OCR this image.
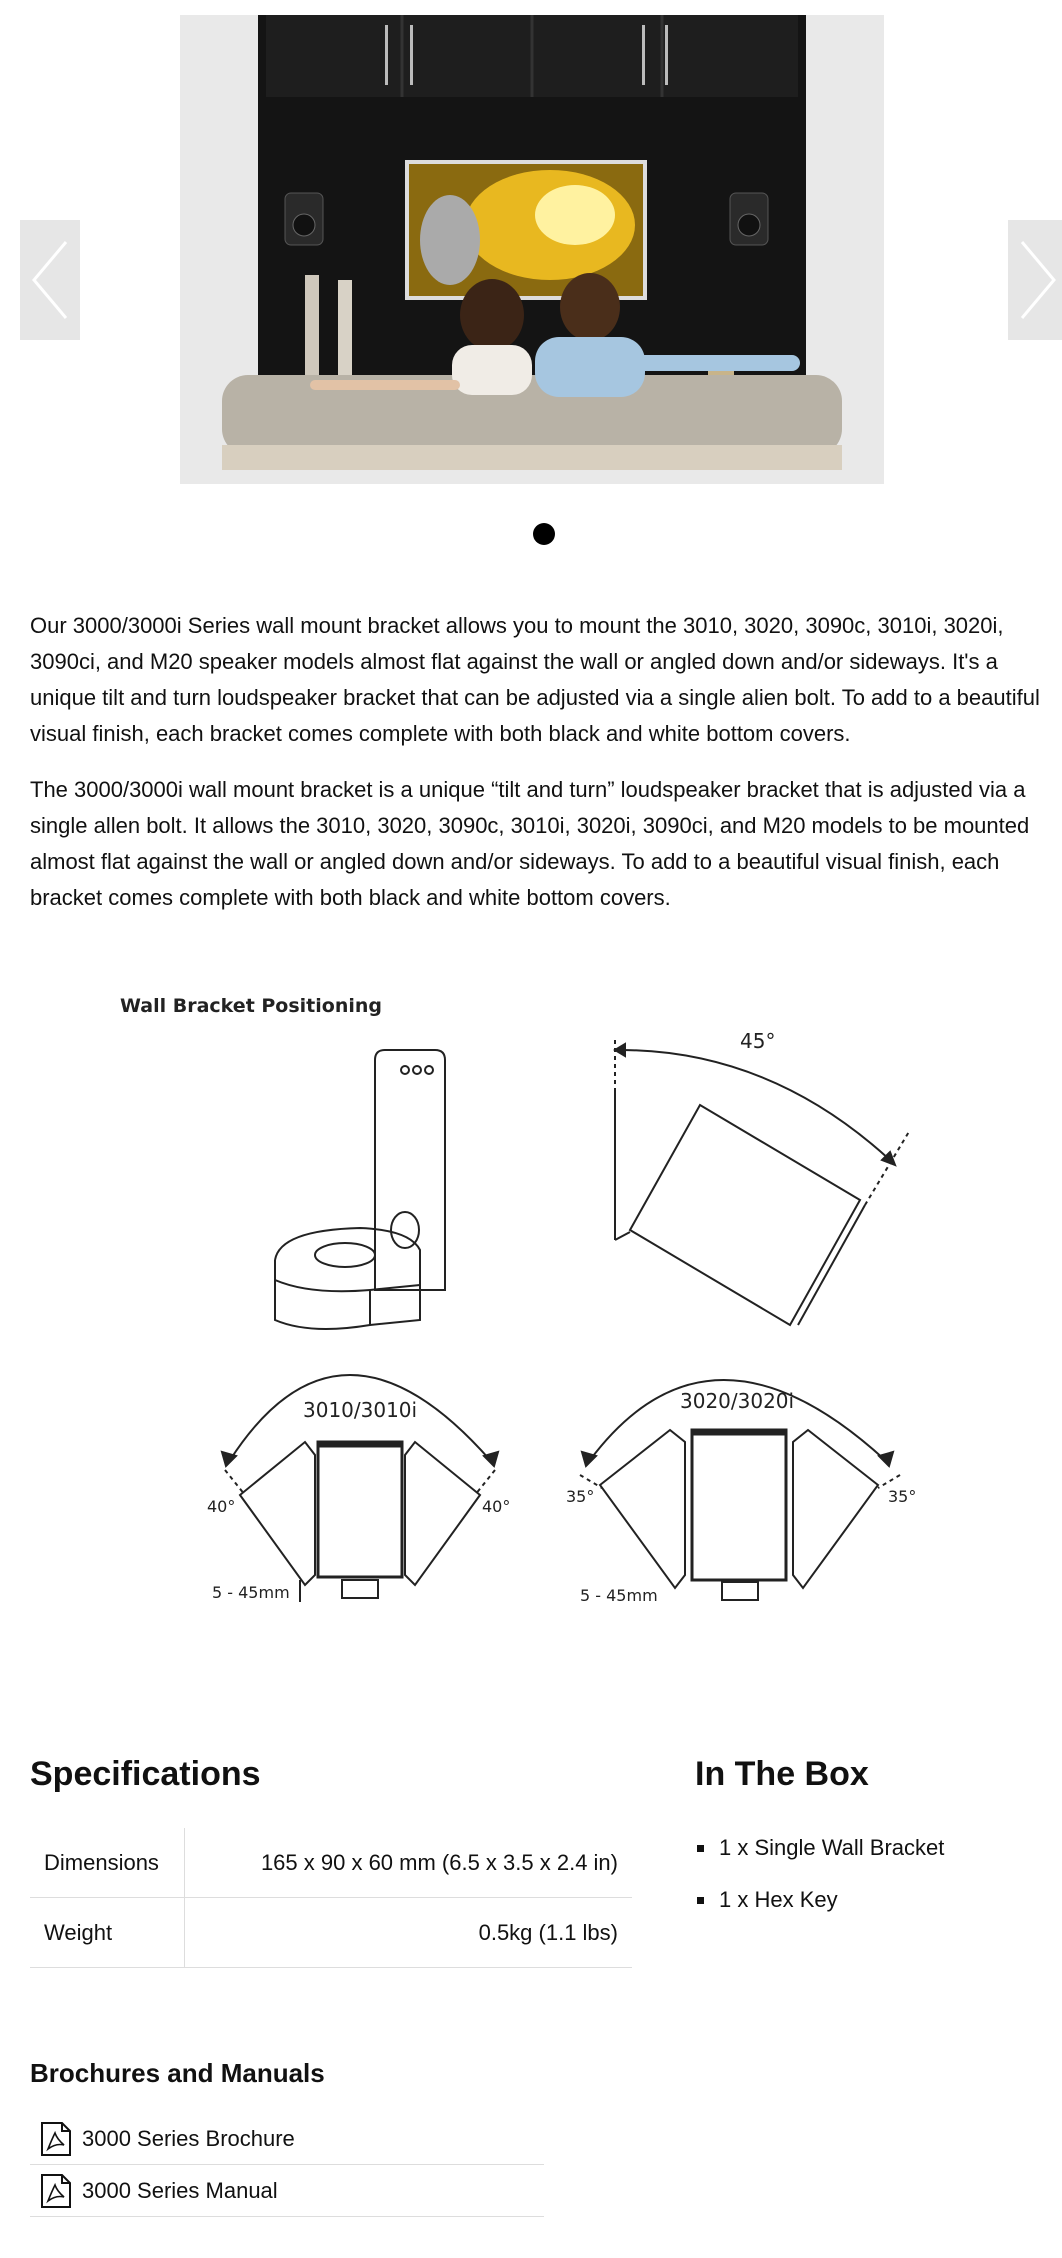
Our 3000/3000i Series wall mount bracket allows you to mount the 3010, 3020, 3090c, 3010i, 3020i, 3090ci, and M20 speaker models almost flat against the wall or angled down and/or sideways. It's a unique tilt and turn loudspeaker bracket that can be adjusted via a single alien bolt. To add to a beautiful visual finish, each bracket comes complete with both black and white bottom covers.

The 3000/3000i wall mount bracket is a unique “tilt and turn” loudspeaker bracket that is adjusted via a single allen bolt. It allows the 3010, 3020, 3090c, 3010i, 3020i, 3090ci, and M20 models to be mounted almost flat against the wall or angled down and/or sideways. To add to a beautiful visual finish, each bracket comes complete with both black and white bottom covers.

Wall Bracket Positioning
45°
3010/3010i
40°	40°
5 - 45mm
3020/3020i
35°	35°
5 - 45mm
Specifications
Dimensions	165 x 90 x 60 mm (6.5 x 3.5 x 2.4 in)
Weight	0.5kg (1.1 lbs)
In The Box
1 x Single Wall Bracket
1 x Hex Key
Brochures and Manuals
3000 Series Brochure
3000 Series Manual
